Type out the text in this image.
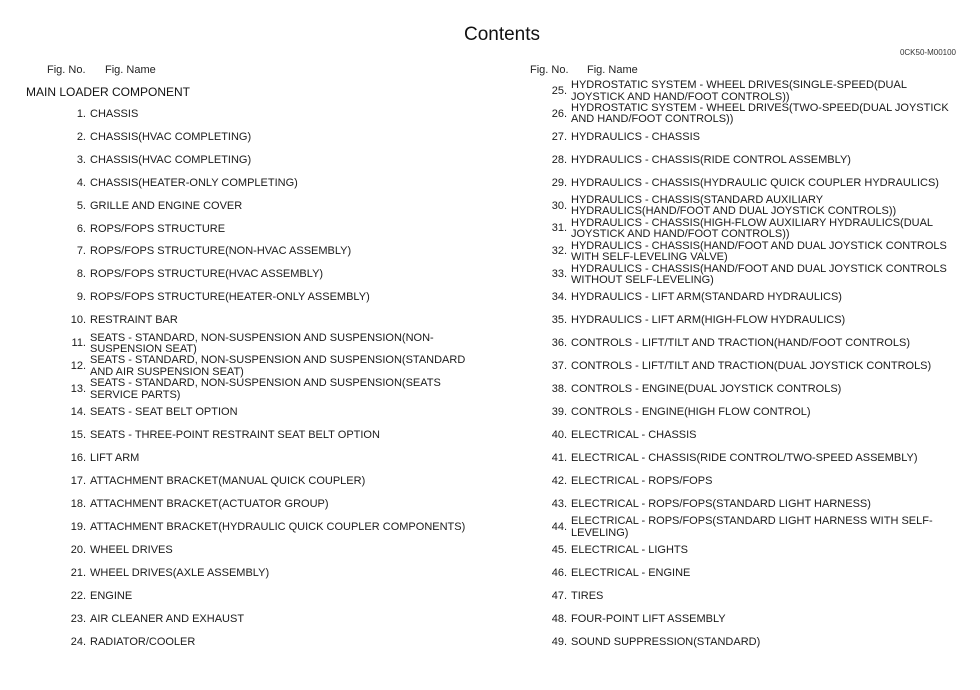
Contents
0CK50-M00100
Fig. No. Fig. Name	Fig. No. Fig. Name
MAIN LOADER COMPONENT
1. CHASSIS
2. CHASSIS(HVAC COMPLETING)
3. CHASSIS(HVAC COMPLETING)
4. CHASSIS(HEATER-ONLY COMPLETING)
5. GRILLE AND ENGINE COVER
6. ROPS/FOPS STRUCTURE
7. ROPS/FOPS STRUCTURE(NON-HVAC ASSEMBLY)
8. ROPS/FOPS STRUCTURE(HVAC ASSEMBLY)
9. ROPS/FOPS STRUCTURE(HEATER-ONLY ASSEMBLY)
10. RESTRAINT BAR
11. SEATS - STANDARD, NON-SUSPENSION AND SUSPENSION(NON-SUSPENSION SEAT)
12. SEATS - STANDARD, NON-SUSPENSION AND SUSPENSION(STANDARD AND AIR SUSPENSION SEAT)
13. SEATS - STANDARD, NON-SUSPENSION AND SUSPENSION(SEATS SERVICE PARTS)
14. SEATS - SEAT BELT OPTION
15. SEATS - THREE-POINT RESTRAINT SEAT BELT OPTION
16. LIFT ARM
17. ATTACHMENT BRACKET(MANUAL QUICK COUPLER)
18. ATTACHMENT BRACKET(ACTUATOR GROUP)
19. ATTACHMENT BRACKET(HYDRAULIC QUICK COUPLER COMPONENTS)
20. WHEEL DRIVES
21. WHEEL DRIVES(AXLE ASSEMBLY)
22. ENGINE
23. AIR CLEANER AND EXHAUST
24. RADIATOR/COOLER
25. HYDROSTATIC SYSTEM - WHEEL DRIVES(SINGLE-SPEED(DUAL JOYSTICK AND HAND/FOOT CONTROLS))
26. HYDROSTATIC SYSTEM - WHEEL DRIVES(TWO-SPEED(DUAL JOYSTICK AND HAND/FOOT CONTROLS))
27. HYDRAULICS - CHASSIS
28. HYDRAULICS - CHASSIS(RIDE CONTROL ASSEMBLY)
29. HYDRAULICS - CHASSIS(HYDRAULIC QUICK COUPLER HYDRAULICS)
30. HYDRAULICS - CHASSIS(STANDARD AUXILIARY HYDRAULICS(HAND/FOOT AND DUAL JOYSTICK CONTROLS))
31. HYDRAULICS - CHASSIS(HIGH-FLOW AUXILIARY HYDRAULICS(DUAL JOYSTICK AND HAND/FOOT CONTROLS))
32. HYDRAULICS - CHASSIS(HAND/FOOT AND DUAL JOYSTICK CONTROLS WITH SELF-LEVELING VALVE)
33. HYDRAULICS - CHASSIS(HAND/FOOT AND DUAL JOYSTICK CONTROLS WITHOUT SELF-LEVELING)
34. HYDRAULICS - LIFT ARM(STANDARD HYDRAULICS)
35. HYDRAULICS - LIFT ARM(HIGH-FLOW HYDRAULICS)
36. CONTROLS - LIFT/TILT AND TRACTION(HAND/FOOT CONTROLS)
37. CONTROLS - LIFT/TILT AND TRACTION(DUAL JOYSTICK CONTROLS)
38. CONTROLS - ENGINE(DUAL JOYSTICK CONTROLS)
39. CONTROLS - ENGINE(HIGH FLOW CONTROL)
40. ELECTRICAL - CHASSIS
41. ELECTRICAL - CHASSIS(RIDE CONTROL/TWO-SPEED ASSEMBLY)
42. ELECTRICAL - ROPS/FOPS
43. ELECTRICAL - ROPS/FOPS(STANDARD LIGHT HARNESS)
44. ELECTRICAL - ROPS/FOPS(STANDARD LIGHT HARNESS WITH SELF-LEVELING)
45. ELECTRICAL - LIGHTS
46. ELECTRICAL - ENGINE
47. TIRES
48. FOUR-POINT LIFT ASSEMBLY
49. SOUND SUPPRESSION(STANDARD)
